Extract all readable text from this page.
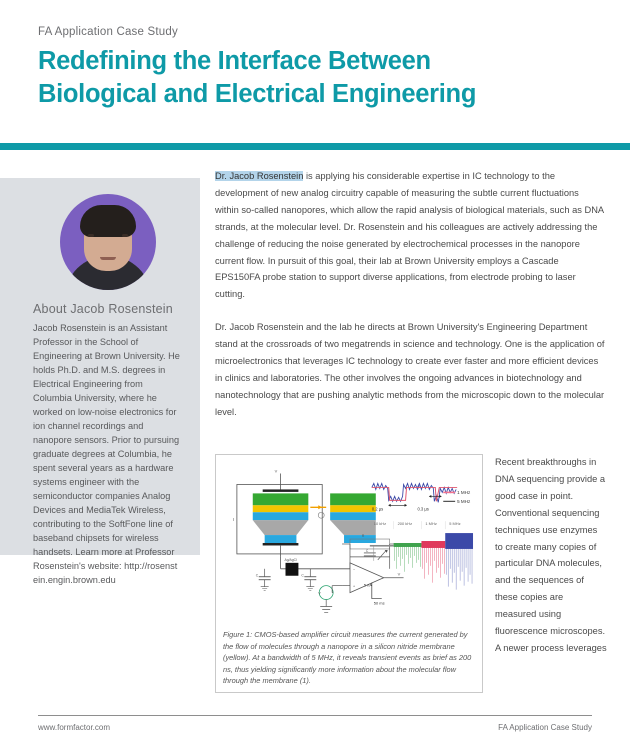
FA Application Case Study
Redefining the Interface Between
Biological and Electrical Engineering
About Jacob Rosenstein
Jacob Rosenstein is an Assistant Professor in the School of Engineering at Brown University. He holds Ph.D. and M.S. degrees in Electrical Engineering from Columbia University, where he worked on low-noise electronics for ion channel recordings and nanopore sensors. Prior to pursuing graduate degrees at Columbia, he spent several years as a hardware systems engineer with the semiconductor companies Analog Devices and MediaTek Wireless, contributing to the SoftFone line of baseband chipsets for wireless handsets. Learn more at Professor Rosenstein's website: http://rosenstein.engin.brown.edu

Dr. Jacob Rosenstein is applying his considerable expertise in IC technology to the development of new analog circuitry capable of measuring the subtle current fluctuations within so-called nanopores, which allow the rapid analysis of biological materials, such as DNA strands, at the molecular level. Dr. Rosenstein and his colleagues are actively addressing the challenge of reducing the noise generated by electrochemical processes in the nanopore current flow. In pursuit of this goal, their lab at Brown University employs a Cascade EPS150FA probe station to support diverse applications, from electrode probing to laser cutting.

Dr. Jacob Rosenstein and the lab he directs at Brown University's Engineering Department stand at the crossroads of two megatrends in science and technology. One is the application of microelectronics that leverages IC technology to create ever faster and more efficient devices in clinics and laboratories. The other involves the ongoing advances in biotechnology and nanotechnology that are pushing analytic methods from the microscopic down to the molecular level.

V
I
Ag/AgCl
C	C
R
C
−
+
V
V
0.2 µs	0.3 µs
1 MHz
5 MHz
10 kHz	200 kHz	1 MHz	5 MHz
5 nA
50 ms
Figure 1: CMOS-based amplifier circuit measures the current generated by the flow of molecules through a nanopore in a silicon nitride membrane (yellow). At a bandwidth of 5 MHz, it reveals transient events as brief as 200 ns, thus yielding significantly more information about the molecular flow through the membrane (1).
Recent breakthroughs in DNA sequencing provide a good case in point. Conventional sequencing techniques use enzymes to create many copies of particular DNA molecules, and the sequences of these copies are measured using fluorescence microscopes. A newer process leverages
www.formfactor.com	FA Application Case Study
